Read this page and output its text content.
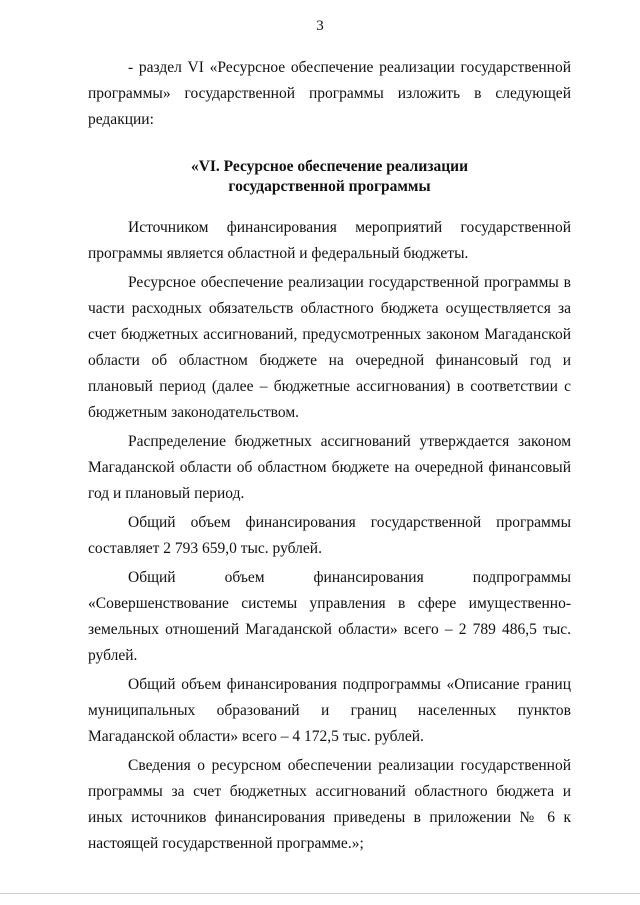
3

- раздел VI «Ресурсное обеспечение реализации государственной программы» государственной программы изложить в следующей редакции:

«VI. Ресурсное обеспечение реализации
государственной программы

Источником финансирования мероприятий государственной программы является областной и федеральный бюджеты.

Ресурсное обеспечение реализации государственной программы в части расходных обязательств областного бюджета осуществляется за счет бюджетных ассигнований, предусмотренных законом Магаданской области об областном бюджете на очередной финансовый год и плановый период (далее – бюджетные ассигнования) в соответствии с бюджетным законодательством.

Распределение бюджетных ассигнований утверждается законом Магаданской области об областном бюджете на очередной финансовый год и плановый период.

Общий объем финансирования государственной программы составляет 2 793 659,0 тыс. рублей.

Общий объем финансирования подпрограммы «Совершенствование системы управления в сфере имущественно-земельных отношений Магаданской области» всего – 2 789 486,5 тыс. рублей.

Общий объем финансирования подпрограммы «Описание границ муниципальных образований и границ населенных пунктов Магаданской области» всего – 4 172,5 тыс. рублей.

Сведения о ресурсном обеспечении реализации государственной программы за счет бюджетных ассигнований областного бюджета и иных источников финансирования приведены в приложении № 6 к настоящей государственной программе.»;
